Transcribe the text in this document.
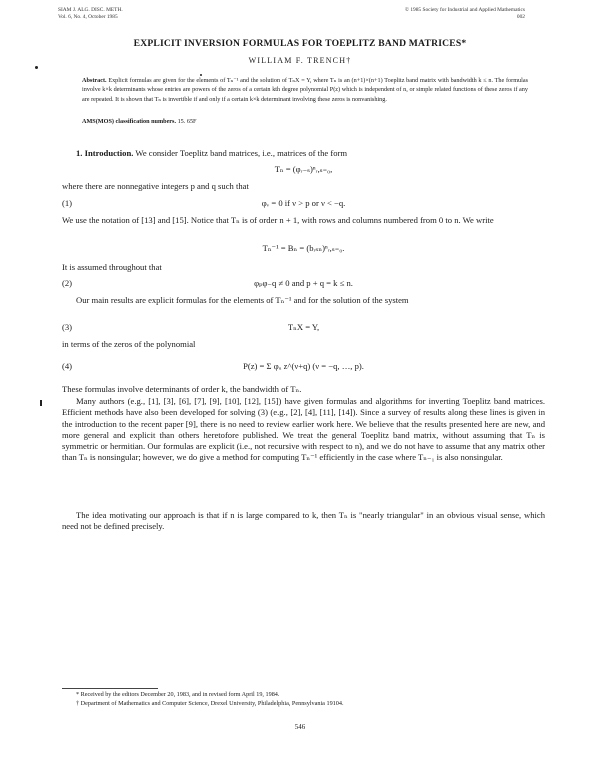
SIAM J. ALG. DISC. METH.
Vol. 6, No. 4, October 1985
© 1985 Society for Industrial and Applied Mathematics
002
EXPLICIT INVERSION FORMULAS FOR TOEPLITZ BAND MATRICES*
WILLIAM F. TRENCH†
Abstract. Explicit formulas are given for the elements of Tₙ⁻¹ and the solution of TₙX = Y, where Tₙ is an (n+1)×(n+1) Toeplitz band matrix with bandwidth k ≤ n. The formulas involve k×k determinants whose entries are powers of the zeros of a certain kth degree polynomial P(z) which is independent of n, or simple related functions of these zeros if any are repeated. It is shown that Tₙ is invertible if and only if a certain k×k determinant involving these zeros is nonvanishing.
AMS(MOS) classification numbers. 15. 65F
1. Introduction. We consider Toeplitz band matrices, i.e., matrices of the form
Tₙ = (φᵣ₋ₛ)ⁿᵣ,ₛ₌₀,
where there are nonnegative integers p and q such that
(1)	φᵥ = 0 if ν > p or ν < −q.
We use the notation of [13] and [15]. Notice that Tₙ is of order n + 1, with rows and columns numbered from 0 to n. We write
Tₙ⁻¹ = Bₙ = (bᵣₛₙ)ⁿᵣ,ₛ₌₀.
It is assumed throughout that
(2)	φₚφ₋q ≠ 0 and p + q = k ≤ n.
Our main results are explicit formulas for the elements of Tₙ⁻¹ and for the solution of the system
(3)	TₙX = Y,
in terms of the zeros of the polynomial
(4)	P(z) = Σ φᵤ z^(ν+q) (ν = −q, …, p).
These formulas involve determinants of order k, the bandwidth of Tₙ.
Many authors (e.g., [1], [3], [6], [7], [9], [10], [12], [15]) have given formulas and algorithms for inverting Toeplitz band matrices. Efficient methods have also been developed for solving (3) (e.g., [2], [4], [11], [14]). Since a survey of results along these lines is given in the introduction to the recent paper [9], there is no need to review earlier work here. We believe that the results presented here are new, and more general and explicit than others heretofore published. We treat the general Toeplitz band matrix, without assuming that Tₙ is symmetric or hermitian. Our formulas are explicit (i.e., not recursive with respect to n), and we do not have to assume that any matrix other than Tₙ is nonsingular; however, we do give a method for computing Tₙ⁻¹ efficiently in the case where Tₙ₋₁ is also nonsingular.
The idea motivating our approach is that if n is large compared to k, then Tₙ is "nearly triangular" in an obvious visual sense, which need not be defined precisely.
* Received by the editors December 20, 1983, and in revised form April 19, 1984.
† Department of Mathematics and Computer Science, Drexel University, Philadelphia, Pennsylvania 19104.
546
